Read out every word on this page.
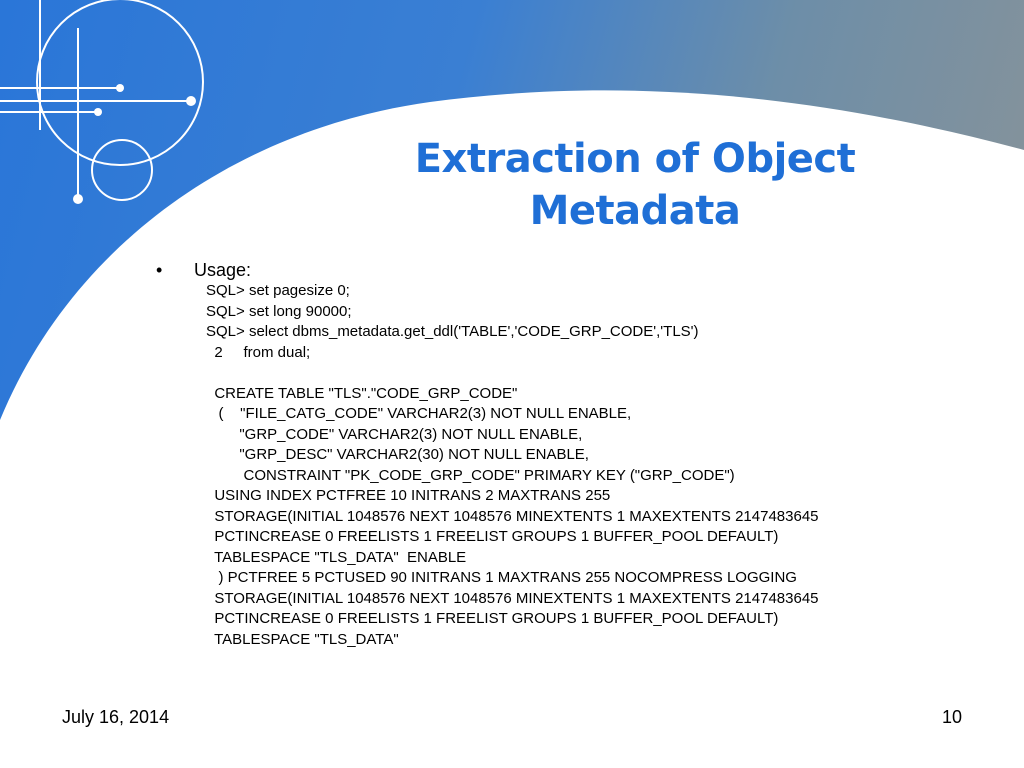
Extraction of Object
Metadata
•	Usage:
SQL> set pagesize 0;
SQL> set long 90000;
SQL> select dbms_metadata.get_ddl('TABLE','CODE_GRP_CODE','TLS')
2     from dual;
CREATE TABLE "TLS"."CODE_GRP_CODE"
(    "FILE_CATG_CODE" VARCHAR2(3) NOT NULL ENABLE,
"GRP_CODE" VARCHAR2(3) NOT NULL ENABLE,
"GRP_DESC" VARCHAR2(30) NOT NULL ENABLE,
CONSTRAINT "PK_CODE_GRP_CODE" PRIMARY KEY ("GRP_CODE")
USING INDEX PCTFREE 10 INITRANS 2 MAXTRANS 255
STORAGE(INITIAL 1048576 NEXT 1048576 MINEXTENTS 1 MAXEXTENTS 2147483645
PCTINCREASE 0 FREELISTS 1 FREELIST GROUPS 1 BUFFER_POOL DEFAULT)
TABLESPACE "TLS_DATA"  ENABLE
) PCTFREE 5 PCTUSED 90 INITRANS 1 MAXTRANS 255 NOCOMPRESS LOGGING
STORAGE(INITIAL 1048576 NEXT 1048576 MINEXTENTS 1 MAXEXTENTS 2147483645
PCTINCREASE 0 FREELISTS 1 FREELIST GROUPS 1 BUFFER_POOL DEFAULT)
TABLESPACE "TLS_DATA"
July 16, 2014	10
